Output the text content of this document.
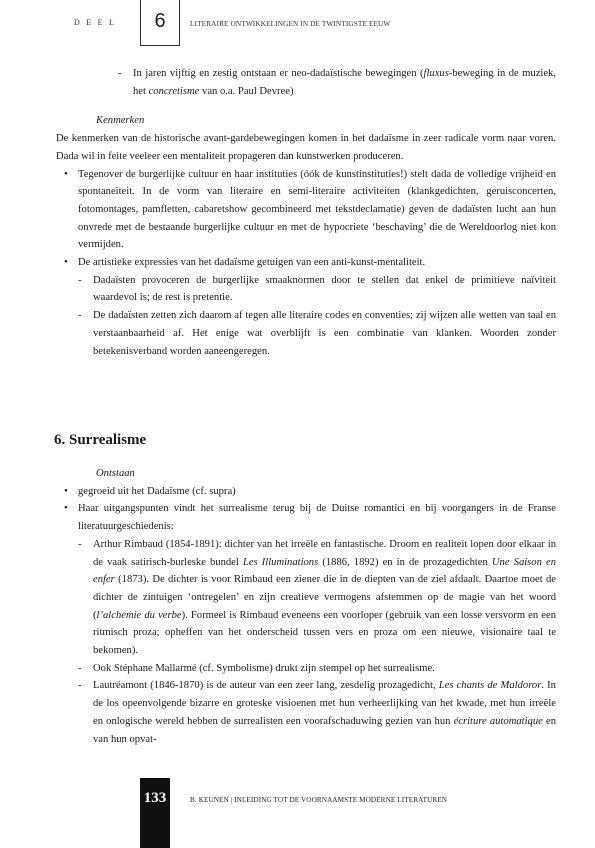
DEEL	6	LITERAIRE ONTWIKKELINGEN IN DE TWINTIGSTE EEUW
- In jaren vijftig en zestig ontstaan er neo-dadaïstische bewegingen (fluxus-beweging in de muziek, het concretisme van o.a. Paul Devree)
Kenmerken
De kenmerken van de historische avant-gardebewegingen komen in het dadaïsme in zeer radicale vorm naar voren. Dada wil in feite veeleer een mentaliteit propageren dan kunstwerken produceren.
• Tegenover de burgerlijke cultuur en haar instituties (óók de kunstinstituties!) stelt dada de volledige vrijheid en spontaneïteit. In de vorm van literaire en semi-literaire activiteiten (klankgedichten, geruisconcerten, fotomontages, pamfletten, cabaretshow gecombineerd met tekstdeclamatie) geven de dadaïsten lucht aan hun onvrede met de bestaande burgerlijke cultuur en met de hypocriete ‘beschaving’ die de Wereldoorlog niet kon vermijden.
• De artistieke expressies van het dadaïsme getuigen van een anti-kunst-mentaliteit.
- Dadaïsten provoceren de burgerlijke smaaknormen door te stellen dat enkel de primitieve naïviteit waardevol is; de rest is pretentie.
- De dadaïsten zetten zich daarom af tegen alle literaire codes en conventies; zij wijzen alle wetten van taal en verstaanbaarheid af. Het enige wat overblijft is een combinatie van klanken. Woorden zonder betekenisverband worden aaneengeregen.
6. Surrealisme
Ontstaan
• gegroeid uit het Dadaïsme (cf. supra)
• Haar uitgangspunten vindt het surrealisme terug bij de Duitse romantici en bij voorgangers in de Franse literatuurgeschiedenis:
- Arthur Rimbaud (1854-1891): dichter van het irreële en fantastische. Droom en realiteit lopen door elkaar in de vaak satirisch-burleske bundel Les Illuminations (1886, 1892) en in de prozagedichten Une Saison en enfer (1873). De dichter is voor Rimbaud een ziener die in de diepten van de ziel afdaalt. Daartoe moet de dichter de zintuigen ‘ontregelen’ en zijn creatieve vermogens afstemmen op de magie van het woord (l’alchemie du verbe). Formeel is Rimbaud eveneens een voorloper (gebruik van een losse versvorm en een ritmisch proza; opheffen van het onderscheid tussen vers en proza om een nieuwe, visionaire taal te bekomen).
- Ook Stéphane Mallarmé (cf. Symbolisme) drukt zijn stempel op het surrealisme.
- Lautréamont (1846-1870) is de auteur van een zeer lang, zesdelig prozagedicht, Les chants de Maldoror. In de los opeenvolgende bizarre en groteske visioenen met hun verheerlijking van het kwade, met hun irreële en onlogische wereld hebben de surrealisten een voorafschaduwing gezien van hun écriture automatique en van hun opvat-
133	B. KEUNEN | INLEIDING TOT DE VOORNAAMSTE MODERNE LITERATUREN
